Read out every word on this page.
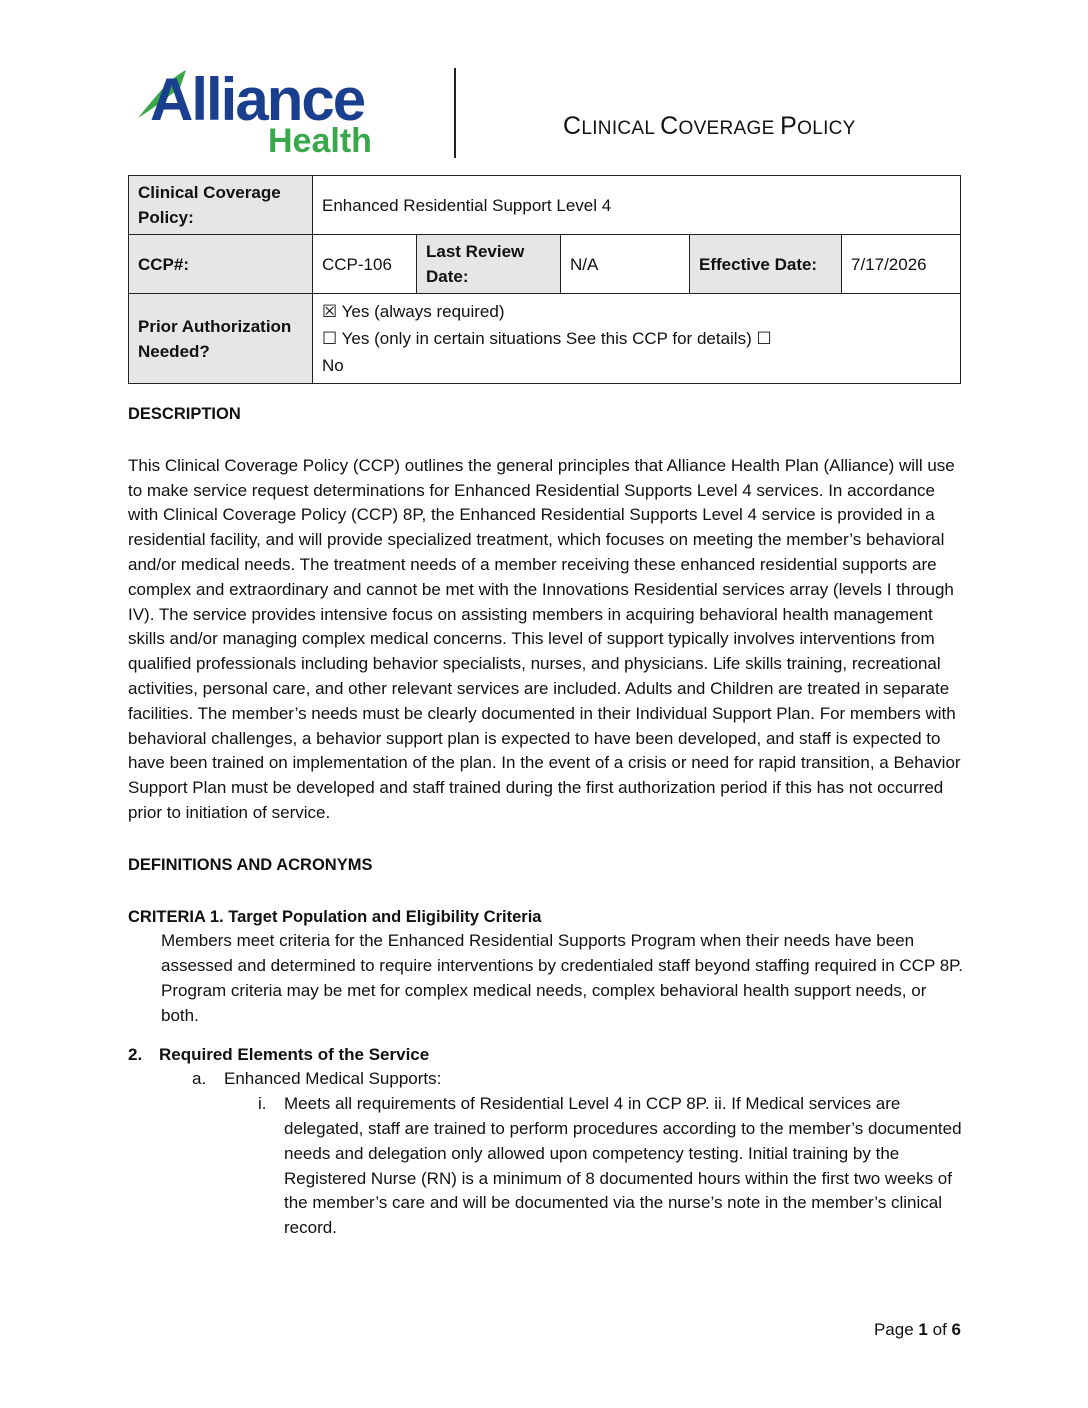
Alliance
Health	CLINICAL COVERAGE POLICY
Clinical Coverage Policy:	Enhanced Residential Support Level 4				
CCP#:	CCP-106	Last Review Date:	N/A	Effective Date:	7/17/2026
Prior Authorization Needed?	☒ Yes (always required)
☐ Yes (only in certain situations See this CCP for details) ☐
No				
DESCRIPTION

This Clinical Coverage Policy (CCP) outlines the general principles that Alliance Health Plan (Alliance) will use to make service request determinations for Enhanced Residential Supports Level 4 services. In accordance with Clinical Coverage Policy (CCP) 8P, the Enhanced Residential Supports Level 4 service is provided in a residential facility, and will provide specialized treatment, which focuses on meeting the member’s behavioral and/or medical needs. The treatment needs of a member receiving these enhanced residential supports are complex and extraordinary and cannot be met with the Innovations Residential services array (levels I through IV). The service provides intensive focus on assisting members in acquiring behavioral health management skills and/or managing complex medical concerns. This level of support typically involves interventions from qualified professionals including behavior specialists, nurses, and physicians. Life skills training, recreational activities, personal care, and other relevant services are included. Adults and Children are treated in separate facilities. The member’s needs must be clearly documented in their Individual Support Plan. For members with behavioral challenges, a behavior support plan is expected to have been developed, and staff is expected to have been trained on implementation of the plan. In the event of a crisis or need for rapid transition, a Behavior Support Plan must be developed and staff trained during the first authorization period if this has not occurred prior to initiation of service.

DEFINITIONS AND ACRONYMS
CRITERIA 1. Target Population and Eligibility Criteria

Members meet criteria for the Enhanced Residential Supports Program when their needs have been assessed and determined to require interventions by credentialed staff beyond staffing required in CCP 8P. Program criteria may be met for complex medical needs, complex behavioral health support needs, or both.

2. Required Elements of the Service
a. Enhanced Medical Supports:
i. Meets all requirements of Residential Level 4 in CCP 8P. ii. If Medical services are delegated, staff are trained to perform procedures according to the member’s documented needs and delegation only allowed upon competency testing. Initial training by the Registered Nurse (RN) is a minimum of 8 documented hours within the first two weeks of the member’s care and will be documented via the nurse’s note in the member’s clinical record.
Page 1 of 6
